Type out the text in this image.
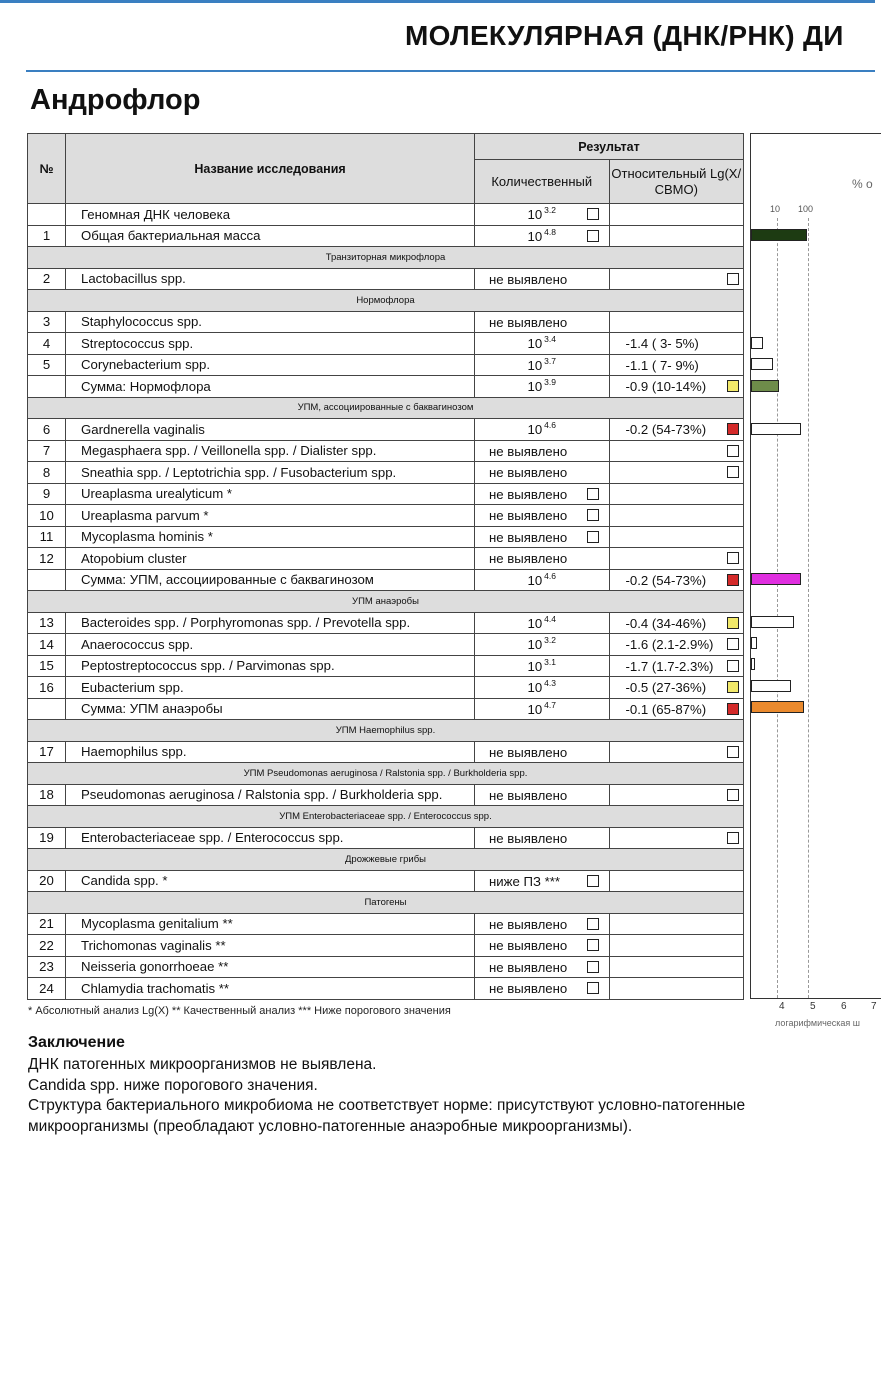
МОЛЕКУЛЯРНАЯ (ДНК/РНК) ДИ
Андрофлор
№	Название исследования	Результат	
		Количественный	Относительный Lg(X/СВМО)
	Геномная ДНК человека	10 $^{3.2}$

1	Общая бактериальная масса	10 $^{4.8}$

Транзиторная микрофлора			
2	Lactobacillus spp.	не выявлено	

Нормофлора			
3	Staphylococcus spp.	не выявлено	

4	Streptococcus spp.	10 $^{3.4}$	-1.4 ( 3- 5%)

5	Corynebacterium spp.	10 $^{3.7}$	-1.1 ( 7- 9%)

	Сумма: Нормофлора	10 $^{3.9}$	-0.9 (10-14%)

УПМ, ассоциированные с баквагинозом			
6	Gardnerella vaginalis	10 $^{4.6}$	-0.2 (54-73%)

7	Megasphaera spp. / Veillonella spp. / Dialister spp.	не выявлено	

8	Sneathia spp. / Leptotrichia spp. / Fusobacterium spp.	не выявлено	

9	Ureaplasma urealyticum *	не выявлено	

10	Ureaplasma parvum *	не выявлено	

11	Mycoplasma hominis *	не выявлено	

12	Atopobium cluster	не выявлено	

	Сумма: УПМ, ассоциированные с баквагинозом	10 $^{4.6}$	-0.2 (54-73%)

УПМ анаэробы			
13	Bacteroides spp. / Porphyromonas spp. / Prevotella spp.	10 $^{4.4}$	-0.4 (34-46%)

14	Anaerococcus spp.	10 $^{3.2}$	-1.6 (2.1-2.9%)

15	Peptostreptococcus spp. / Parvimonas spp.	10 $^{3.1}$	-1.7 (1.7-2.3%)

16	Eubacterium spp.	10 $^{4.3}$	-0.5 (27-36%)

	Сумма: УПМ анаэробы	10 $^{4.7}$	-0.1 (65-87%)

УПМ Haemophilus spp.			
17	Haemophilus spp.	не выявлено	

УПМ Pseudomonas aeruginosa / Ralstonia spp. / Burkholderia spp.			
18	Pseudomonas aeruginosa / Ralstonia spp. / Burkholderia spp.	не выявлено	

УПМ Enterobacteriaceae spp. / Enterococcus spp.			
19	Enterobacteriaceae spp. / Enterococcus spp.	не выявлено	

Дрожжевые грибы			
20	Candida spp. *	ниже ПЗ ***	

Патогены			
21	Mycoplasma genitalium **	не выявлено	

22	Trichomonas vaginalis **	не выявлено	

23	Neisseria gonorrhoeae **	не выявлено	

24	Chlamydia trachomatis **	не выявлено	

% о
10 100
4	5	6 7
логарифмическая ш
* Абсолютный анализ Lg(X) ** Качественный анализ *** Ниже порогового значения
Заключение
ДНК патогенных микроорганизмов не выявлена.
Candida spp. ниже порогового значения.
Структура бактериального микробиома не соответствует норме: присутствуют условно-патогенные микроорганизмы (преобладают условно-патогенные анаэробные микроорганизмы).
